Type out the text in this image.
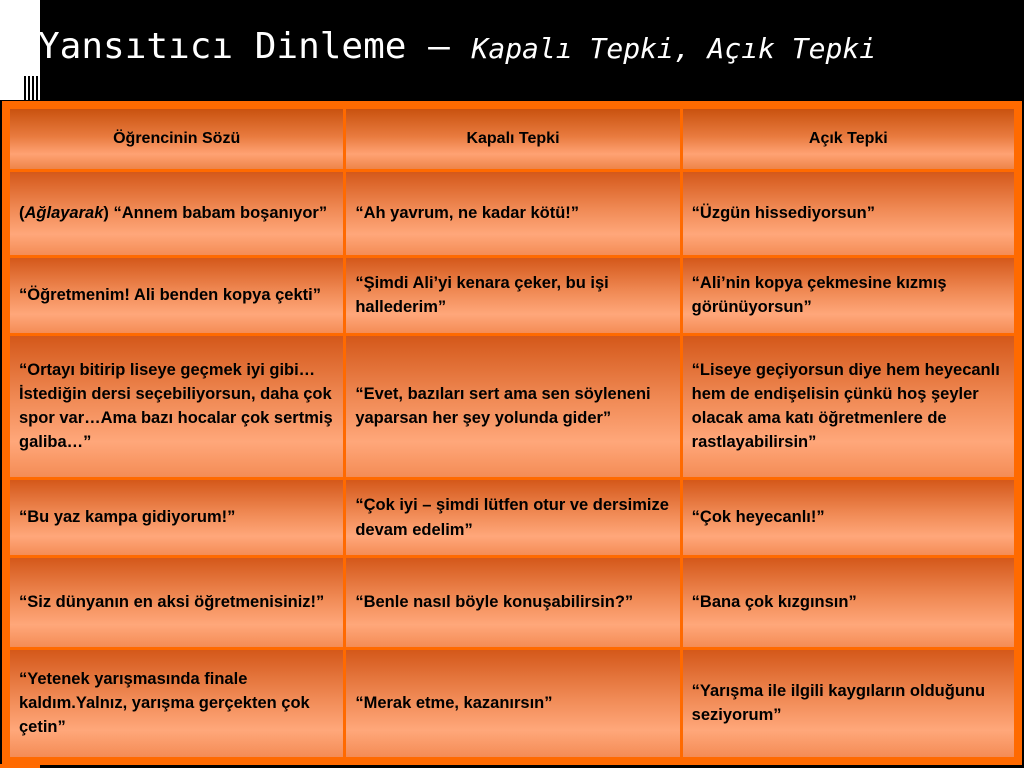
Yansıtıcı Dinleme – Kapalı Tepki, Açık Tepki
Öğrencinin Sözü	Kapalı Tepki	Açık Tepki
(Ağlayarak) “Annem babam boşanıyor”	“Ah yavrum, ne kadar kötü!”	“Üzgün hissediyorsun”
“Öğretmenim! Ali benden kopya çekti”	“Şimdi Ali’yi kenara çeker, bu işi hallederim”	“Ali’nin kopya çekmesine kızmış görünüyorsun”
“Ortayı bitirip liseye geçmek iyi gibi…İstediğin dersi seçebiliyorsun, daha çok spor var…Ama bazı hocalar çok sertmiş galiba…”	“Evet, bazıları sert ama sen söyleneni yaparsan her şey yolunda gider”	“Liseye geçiyorsun diye hem heyecanlı hem de endişelisin çünkü hoş şeyler olacak ama katı öğretmenlere de rastlayabilirsin”
“Bu yaz kampa gidiyorum!”	“Çok iyi – şimdi lütfen otur ve dersimize devam edelim”	“Çok heyecanlı!”
“Siz dünyanın en aksi öğretmenisiniz!”	“Benle nasıl böyle konuşabilirsin?”	“Bana çok kızgınsın”
“Yetenek yarışmasında finale kaldım.Yalnız, yarışma gerçekten çok çetin”	“Merak etme, kazanırsın”	“Yarışma ile ilgili kaygıların olduğunu seziyorum”
